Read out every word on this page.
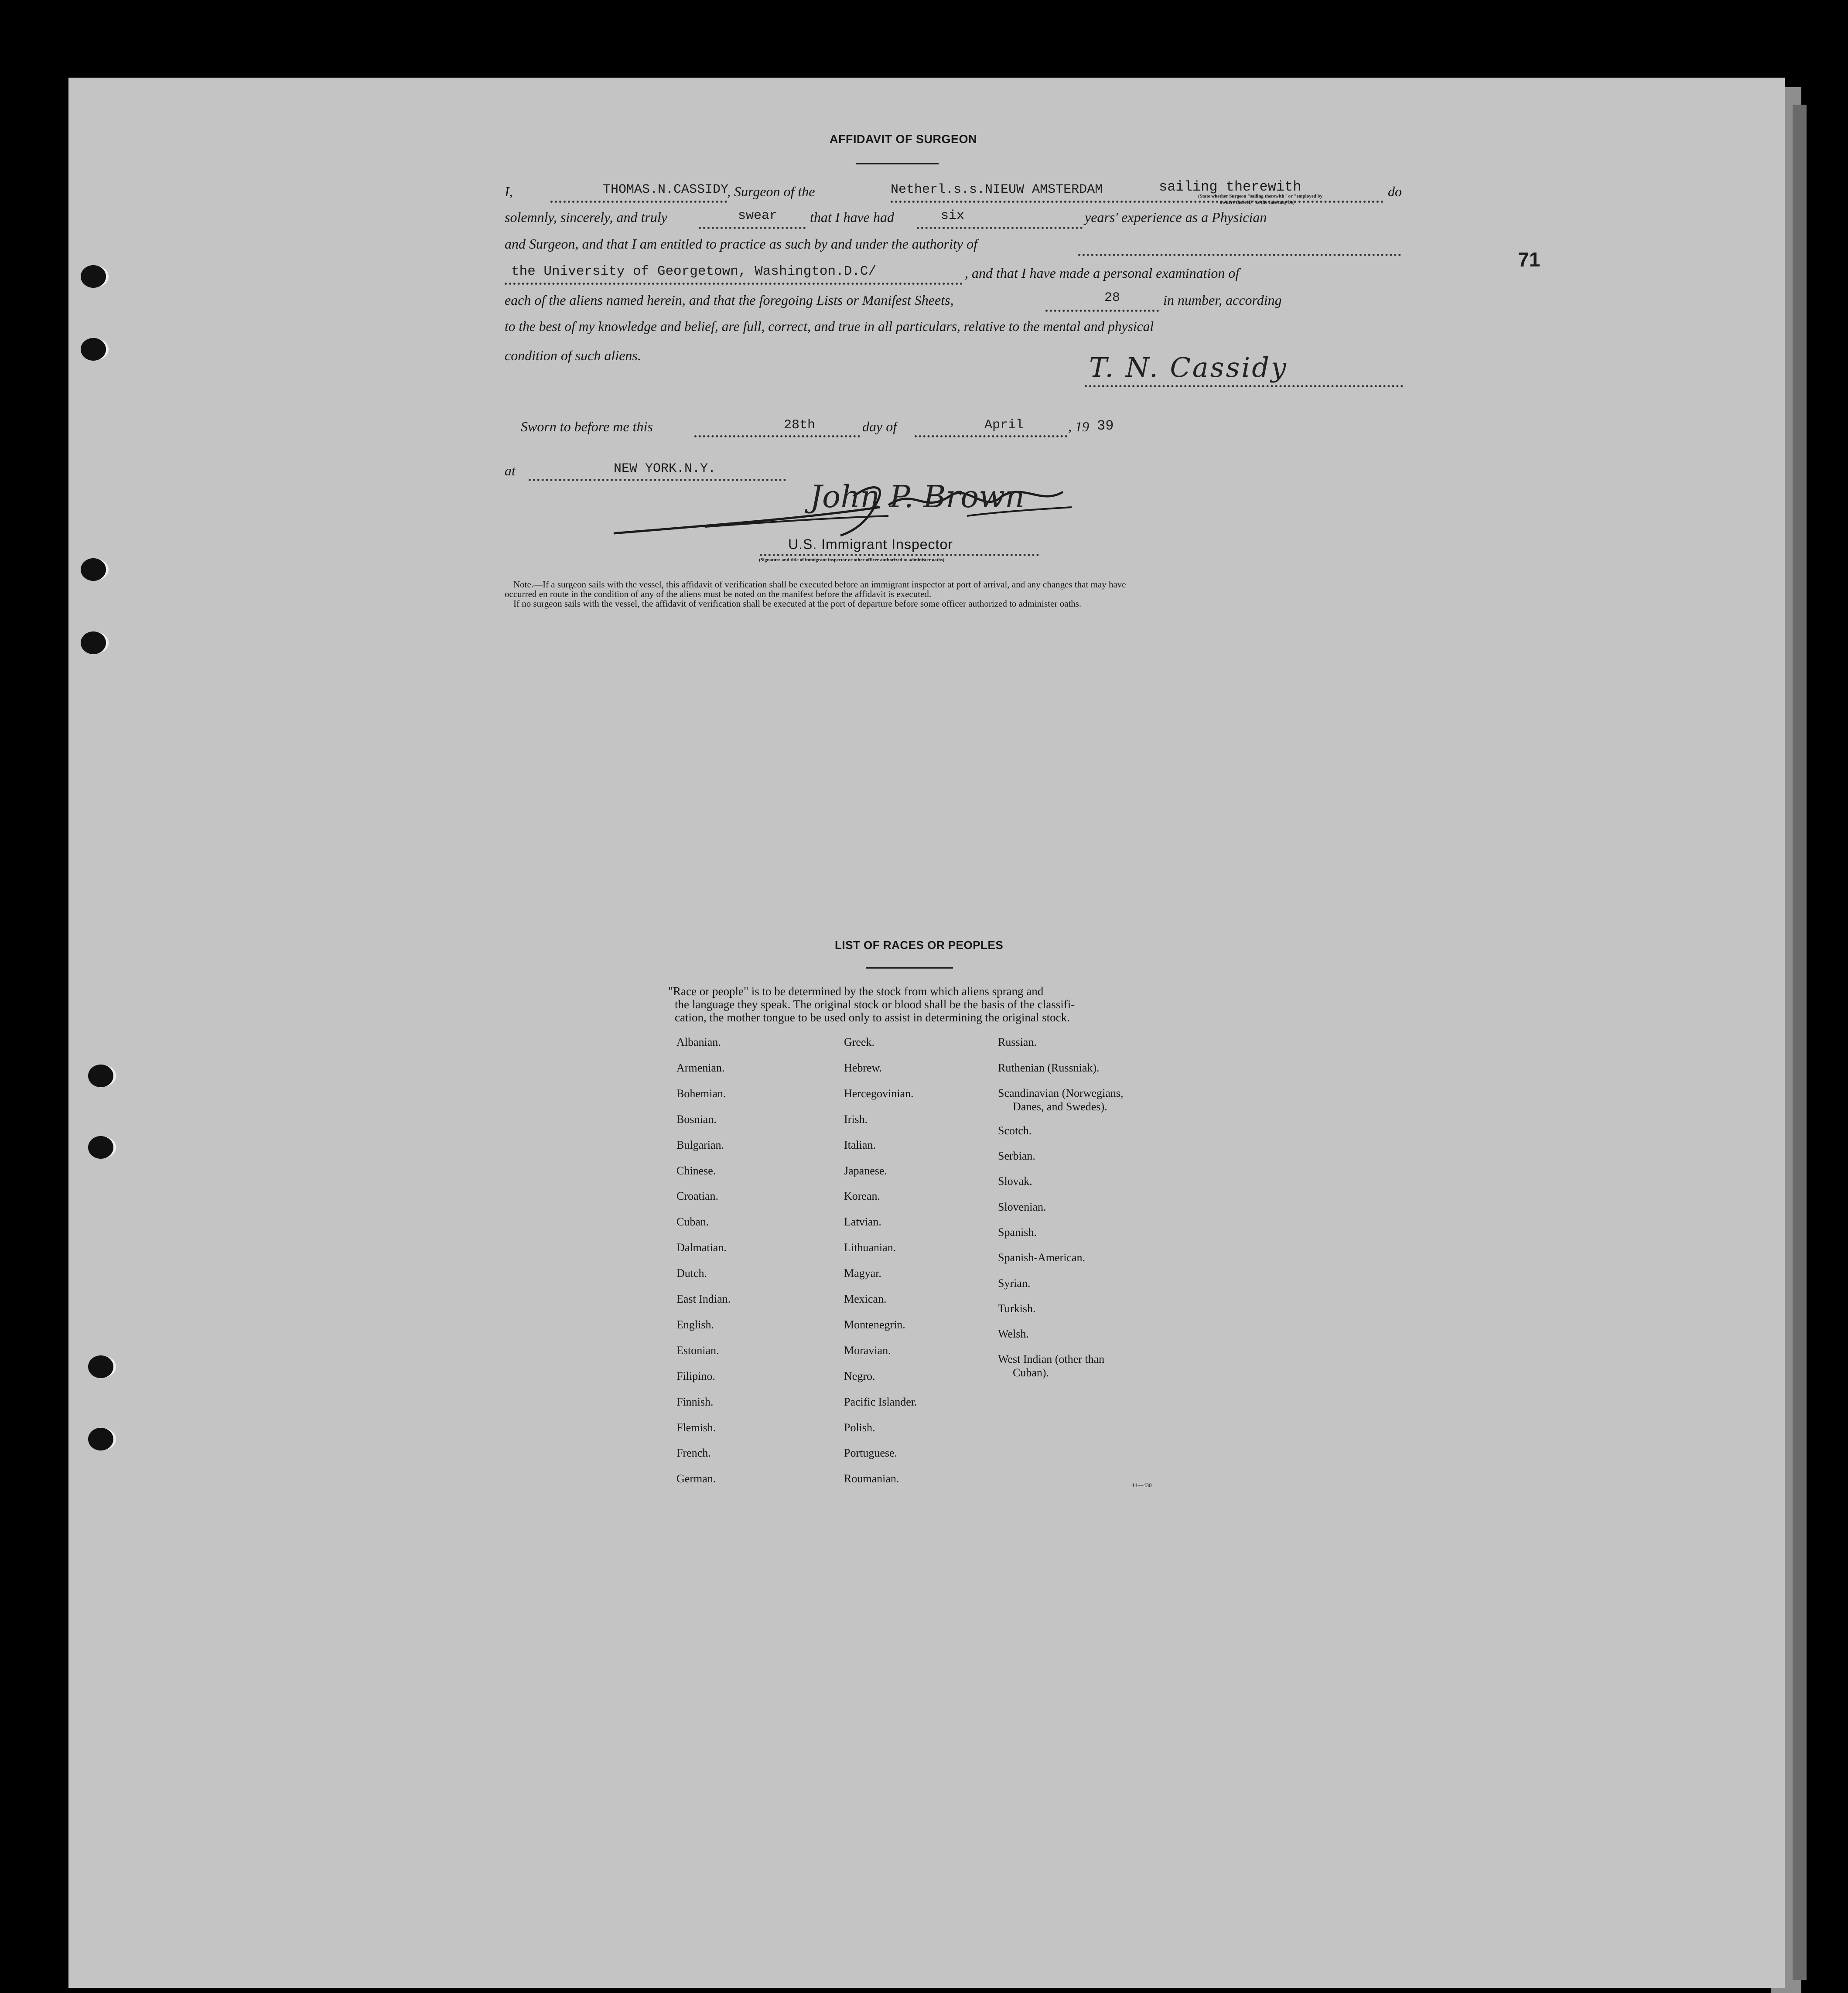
71
AFFIDAVIT OF SURGEON
I,	THOMAS.N.CASSIDY
, Surgeon of the	Netherl.s.s.NIEUW AMSTERDAM	sailing therewith	do
(State whether Surgeon "sailing therewith" or "employed by
owners thereof," as the case may be)
solemnly, sincerely, and truly	swear that I have had	six	years' experience as a Physician
and Surgeon, and that I am entitled to practice as such by and under the authority of
the University of Georgetown, Washington.D.C/	, and that I have made a personal examination of
each of the aliens named herein, and that the foregoing Lists or Manifest Sheets,	28	in number, according
to the best of my knowledge and belief, are full, correct, and true in all particulars, relative to the mental and physical
condition of such aliens.	T. N. Cassidy
Sworn to before me this	28th	day of	April	, 19 39
at	NEW YORK.N.Y.
John P. Brown
U.S. Immigrant Inspector
(Signature and title of immigrant inspector or other officer authorized to administer oaths)
Note.—If a surgeon sails with the vessel, this affidavit of verification shall be executed before an immigrant inspector at port of arrival, and any changes that may have
occurred en route in the condition of any of the aliens must be noted on the manifest before the affidavit is executed.
If no surgeon sails with the vessel, the affidavit of verification shall be executed at the port of departure before some officer authorized to administer oaths.
LIST OF RACES OR PEOPLES
"Race or people" is to be determined by the stock from which aliens sprang and
the language they speak. The original stock or blood shall be the basis of the classifi-
cation, the mother tongue to be used only to assist in determining the original stock.
Albanian.
Armenian.
Bohemian.
Bosnian.
Bulgarian.
Chinese.
Croatian.
Cuban.
Dalmatian.
Dutch.
East Indian.
English.
Estonian.
Filipino.
Finnish.
Flemish.
French.
German.
Greek.
Hebrew.
Hercegovinian.
Irish.
Italian.
Japanese.
Korean.
Latvian.
Lithuanian.
Magyar.
Mexican.
Montenegrin.
Moravian.
Negro.
Pacific Islander.
Polish.
Portuguese.
Roumanian.
Russian.
Ruthenian (Russniak).
Scandinavian (Norwegians,
Danes, and Swedes).
Scotch.
Serbian.
Slovak.
Slovenian.
Spanish.
Spanish-American.
Syrian.
Turkish.
Welsh.
West Indian (other than
Cuban).
14—430
